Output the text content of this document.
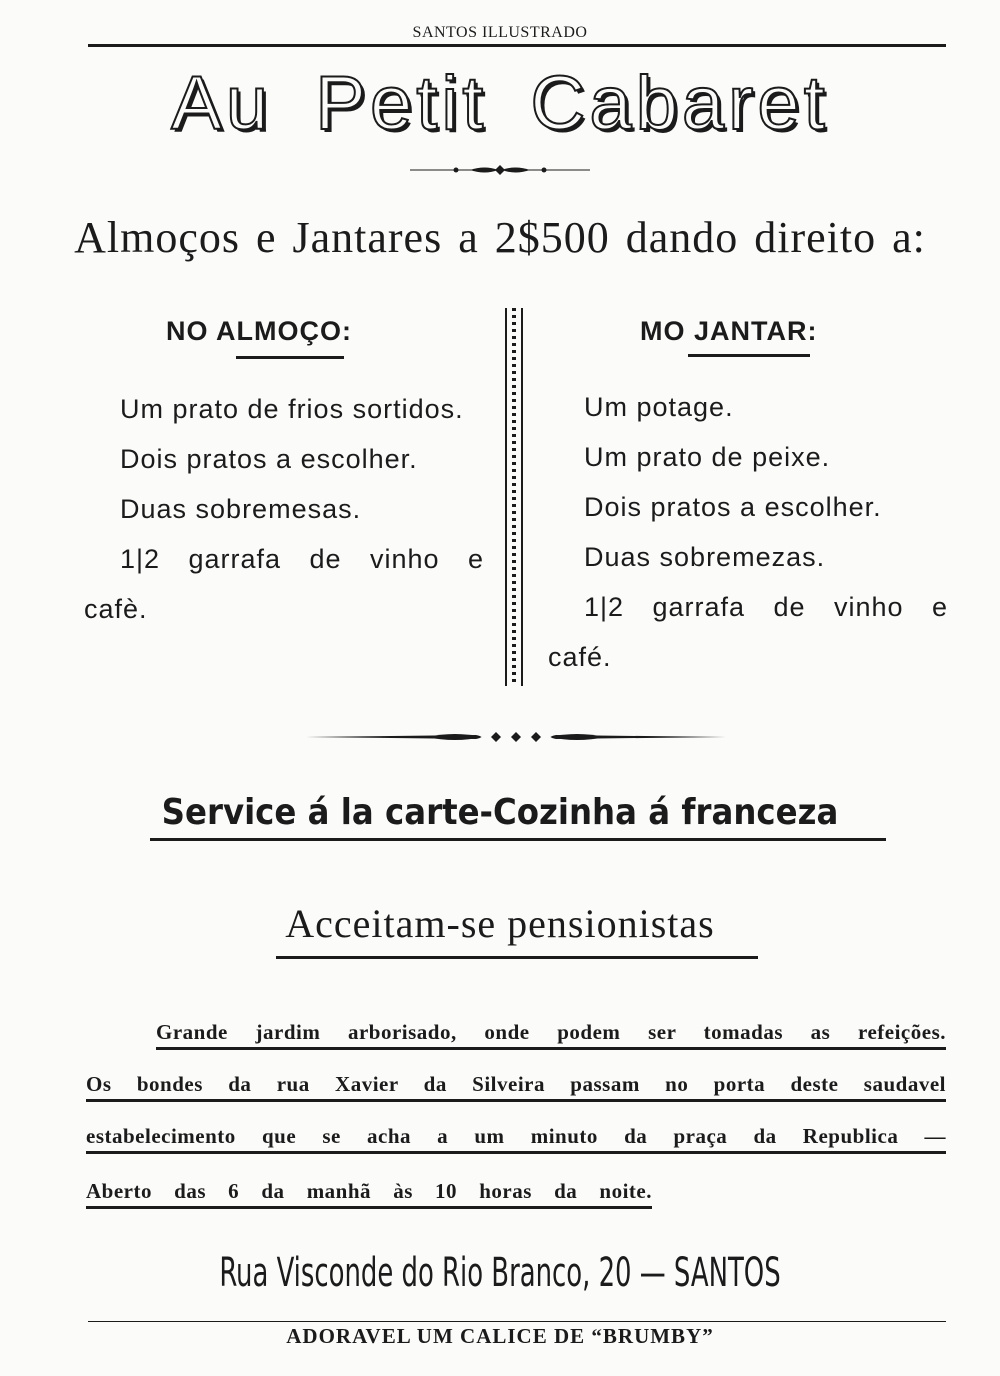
SANTOS ILLUSTRADO
Au Petit Cabaret
Almoços e Jantares a 2$500 dando direito a:
NO ALMOÇO:

Um prato de frios sortidos.

Dois pratos a escolher.

Duas sobremesas.

1|2 garrafa de vinho e cafè.

MO JANTAR:

Um potage.

Um prato de peixe.

Dois pratos a escolher.

Duas sobremezas.

1|2 garrafa de vinho e café.

Service á la carte-Cozinha á franceza
Acceitam-se pensionistas
Grande jardim arborisado, onde podem ser tomadas as refeições.
Os bondes da rua Xavier da Silveira passam no porta deste saudavel
estabelecimento que se acha a um minuto da praça da Republica —
Aberto das 6 da manhã às 10 horas da noite.
Rua Visconde do Rio Branco, 20 — SANTOS
ADORAVEL UM CALICE DE “BRUMBY”
